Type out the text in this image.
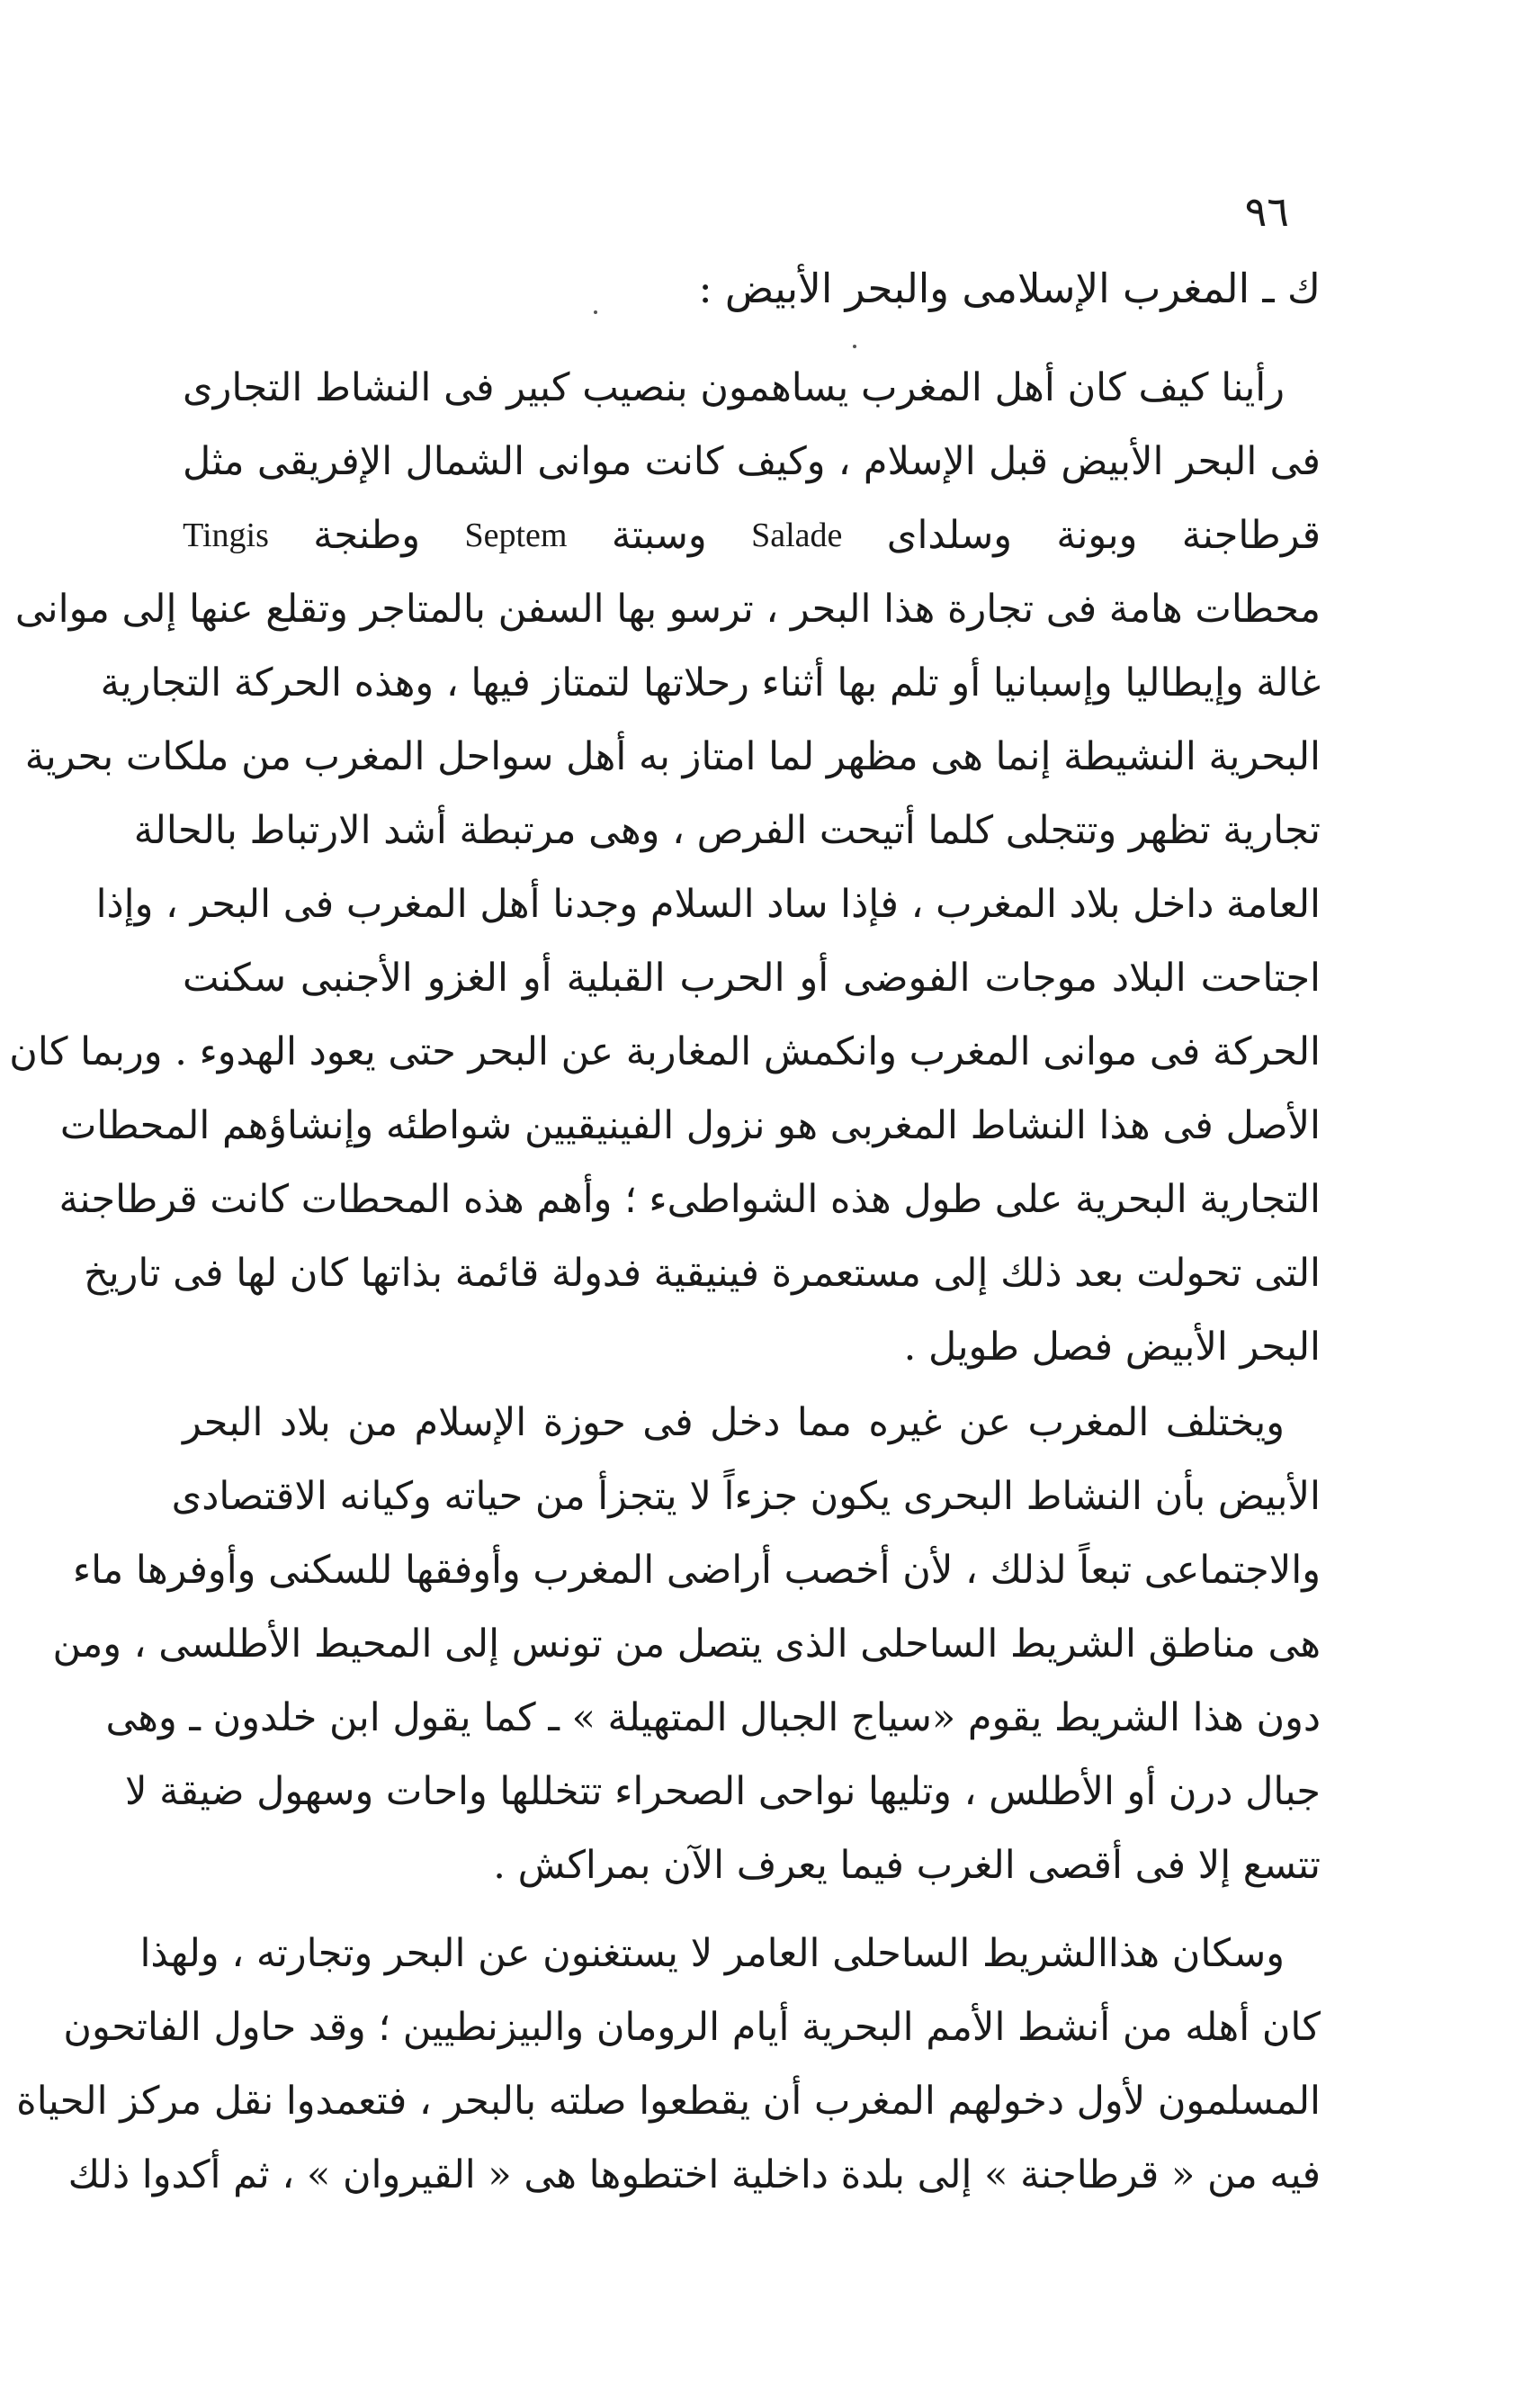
٩٦
ك ـ المغرب الإسلامى والبحر الأبيض :
رأينا كيف كان أهل المغرب يساهمون بنصيب كبير فى النشاط التجارى
فى البحر الأبيض قبل الإسلام ، وكيف كانت موانى الشمال الإفريقى مثل
قرطاجنة
وبونة
وسلداى
Salade
وسبتة
Septem
وطنجة
Tingis
محطات هامة فى تجارة هذا البحر ، ترسو بها السفن بالمتاجر وتقلع عنها إلى موانى
غالة وإيطاليا وإسبانيا أو تلم بها أثناء رحلاتها لتمتاز فيها ، وهذه الحركة التجارية
البحرية النشيطة إنما هى مظهر لما امتاز به أهل سواحل المغرب من ملكات بحرية
تجارية تظهر وتتجلى كلما أتيحت الفرص ، وهى مرتبطة أشد الارتباط بالحالة
العامة داخل بلاد المغرب ، فإذا ساد السلام وجدنا أهل المغرب فى البحر ، وإذا
اجتاحت البلاد موجات الفوضى أو الحرب القبلية أو الغزو الأجنبى سكنت
الحركة فى موانى المغرب وانكمش المغاربة عن البحر حتى يعود الهدوء . وربما كان
الأصل فى هذا النشاط المغربى هو نزول الفينيقيين شواطئه وإنشاؤهم المحطات
التجارية البحرية على طول هذه الشواطىء ؛ وأهم هذه المحطات كانت قرطاجنة
التى تحولت بعد ذلك إلى مستعمرة فينيقية فدولة قائمة بذاتها كان لها فى تاريخ
البحر الأبيض فصل طويل .
ويختلف المغرب عن غيره مما دخل فى حوزة الإسلام من بلاد البحر
الأبيض بأن النشاط البحرى يكون جزءاً لا يتجزأ من حياته وكيانه الاقتصادى
والاجتماعى تبعاً لذلك ، لأن أخصب أراضى المغرب وأوفقها للسكنى وأوفرها ماء
هى مناطق الشريط الساحلى الذى يتصل من تونس إلى المحيط الأطلسى ، ومن
دون هذا الشريط يقوم «سياج الجبال المتهيلة » ـ كما يقول ابن خلدون ـ وهى
جبال درن أو الأطلس ، وتليها نواحى الصحراء تتخللها واحات وسهول ضيقة لا
تتسع إلا فى أقصى الغرب فيما يعرف الآن بمراكش .
وسكان هذاالشريط الساحلى العامر لا يستغنون عن البحر وتجارته ، ولهذا
كان أهله من أنشط الأمم البحرية أيام الرومان والبيزنطيين ؛ وقد حاول الفاتحون
المسلمون لأول دخولهم المغرب أن يقطعوا صلته بالبحر ، فتعمدوا نقل مركز الحياة
فيه من « قرطاجنة » إلى بلدة داخلية اختطوها هى « القيروان » ، ثم أكدوا ذلك
